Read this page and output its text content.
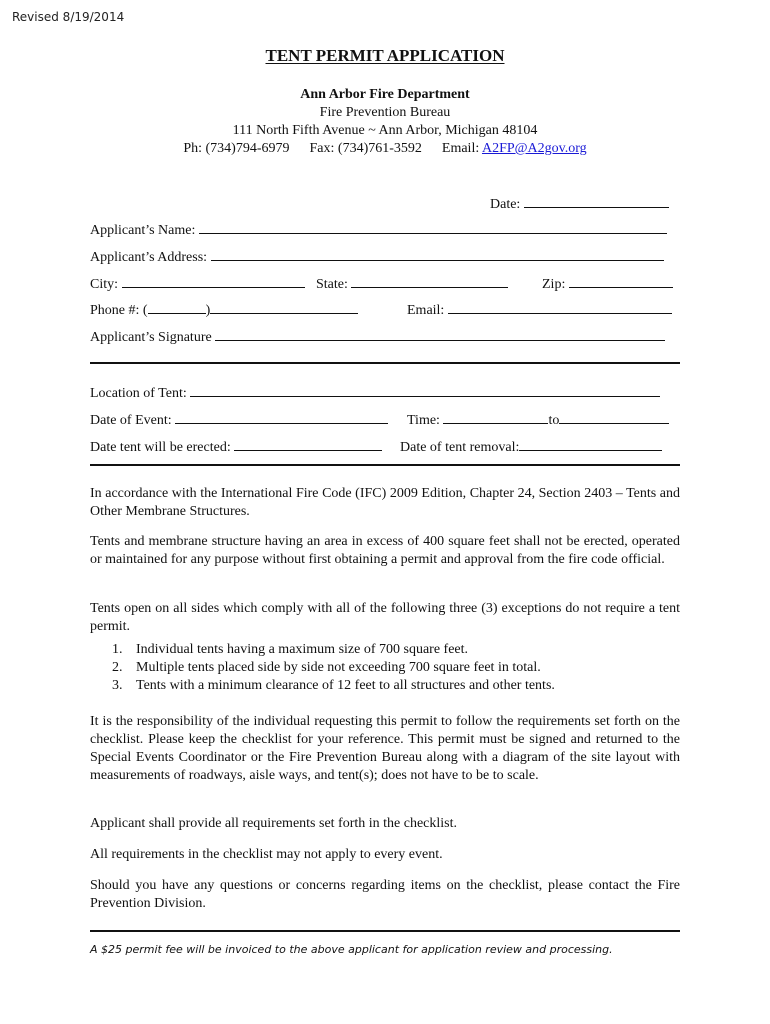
Revised 8/19/2014
TENT PERMIT APPLICATION
Ann Arbor Fire Department
Fire Prevention Bureau
111 North Fifth Avenue ~ Ann Arbor, Michigan 48104
Ph: (734)794-6979 Fax: (734)761-3592 Email: A2FP@A2gov.org
Date:
Applicant’s Name:
Applicant’s Address:
City:	State:	Zip:
Phone #: (	)	Email:
Applicant’s Signature
Location of Tent:
Date of Event:	Time:	to
Date tent will be erected:	Date of tent removal:

In accordance with the International Fire Code (IFC) 2009 Edition, Chapter 24, Section 2403 – Tents and Other Membrane Structures.

Tents and membrane structure having an area in excess of 400 square feet shall not be erected, operated or maintained for any purpose without first obtaining a permit and approval from the fire code official.

Tents open on all sides which comply with all of the following three (3) exceptions do not require a tent permit.

1. Individual tents having a maximum size of 700 square feet.
2. Multiple tents placed side by side not exceeding 700 square feet in total.
3. Tents with a minimum clearance of 12 feet to all structures and other tents.

It is the responsibility of the individual requesting this permit to follow the requirements set forth on the checklist. Please keep the checklist for your reference. This permit must be signed and returned to the Special Events Coordinator or the Fire Prevention Bureau along with a diagram of the site layout with measurements of roadways, aisle ways, and tent(s); does not have to be to scale.

Applicant shall provide all requirements set forth in the checklist.

All requirements in the checklist may not apply to every event.

Should you have any questions or concerns regarding items on the checklist, please contact the Fire Prevention Division.

A $25 permit fee will be invoiced to the above applicant for application review and processing.
